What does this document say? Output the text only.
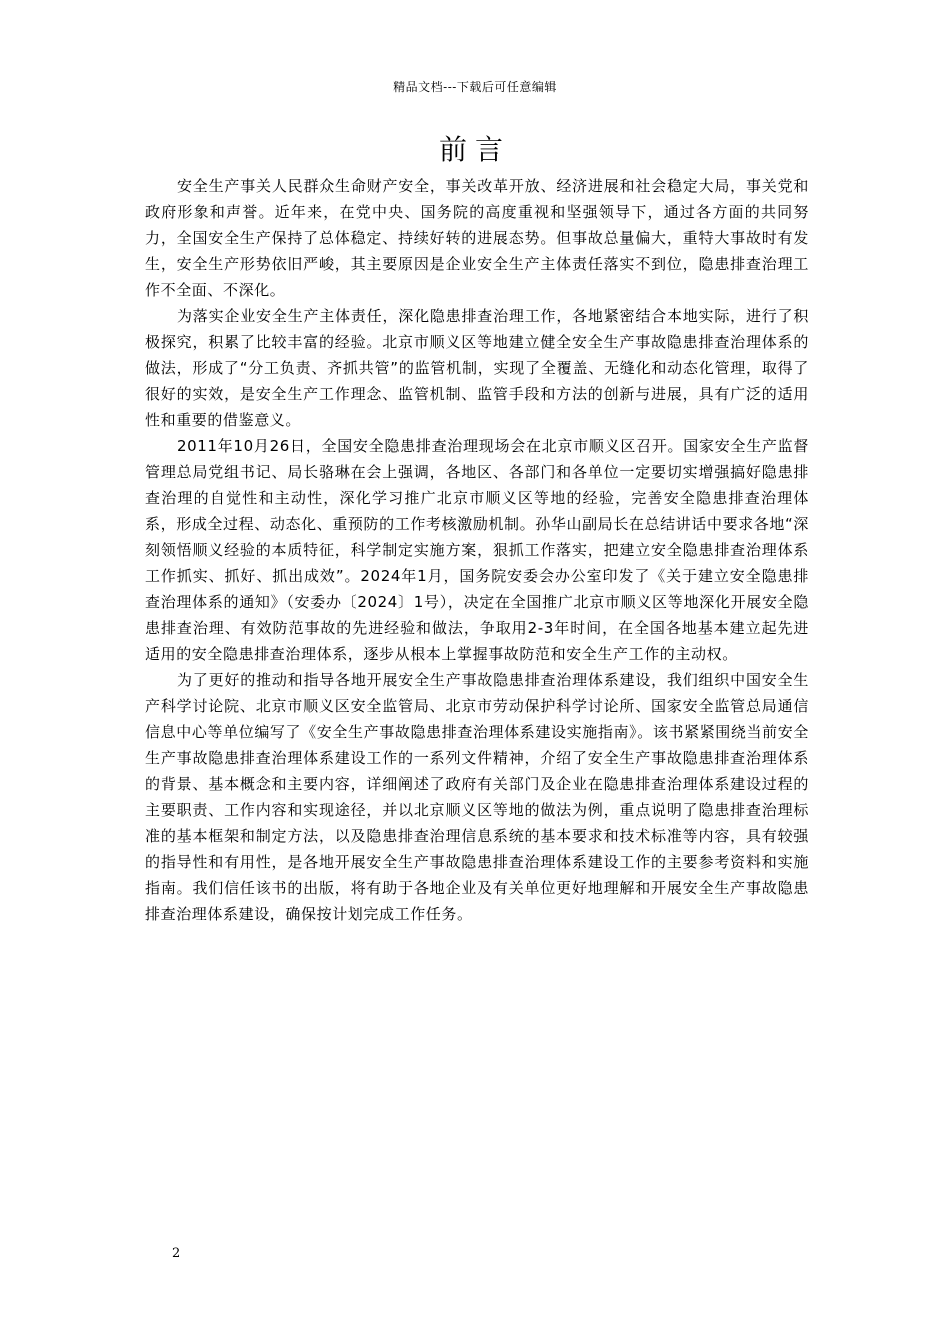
精品文档---下载后可任意编辑
前言

安全生产事关人民群众生命财产安全，事关改革开放、经济进展和社会稳定大局，事关党和政府形象和声誉。近年来，在党中央、国务院的高度重视和坚强领导下，通过各方面的共同努力，全国安全生产保持了总体稳定、持续好转的进展态势。但事故总量偏大，重特大事故时有发生，安全生产形势依旧严峻，其主要原因是企业安全生产主体责任落实不到位，隐患排查治理工作不全面、不深化。

为落实企业安全生产主体责任，深化隐患排查治理工作，各地紧密结合本地实际，进行了积极探究，积累了比较丰富的经验。北京市顺义区等地建立健全安全生产事故隐患排查治理体系的做法，形成了“分工负责、齐抓共管”的监管机制，实现了全覆盖、无缝化和动态化管理，取得了很好的实效，是安全生产工作理念、监管机制、监管手段和方法的创新与进展，具有广泛的适用性和重要的借鉴意义。

2011年10月26日，全国安全隐患排查治理现场会在北京市顺义区召开。国家安全生产监督管理总局党组书记、局长骆琳在会上强调，各地区、各部门和各单位一定要切实增强搞好隐患排查治理的自觉性和主动性，深化学习推广北京市顺义区等地的经验，完善安全隐患排查治理体系，形成全过程、动态化、重预防的工作考核激励机制。孙华山副局长在总结讲话中要求各地“深刻领悟顺义经验的本质特征，科学制定实施方案，狠抓工作落实，把建立安全隐患排查治理体系工作抓实、抓好、抓出成效”。2024年1月，国务院安委会办公室印发了《关于建立安全隐患排查治理体系的通知》（安委办〔2024〕1号），决定在全国推广北京市顺义区等地深化开展安全隐患排查治理、有效防范事故的先进经验和做法，争取用2-3年时间，在全国各地基本建立起先进适用的安全隐患排查治理体系，逐步从根本上掌握事故防范和安全生产工作的主动权。

为了更好的推动和指导各地开展安全生产事故隐患排查治理体系建设，我们组织中国安全生产科学讨论院、北京市顺义区安全监管局、北京市劳动保护科学讨论所、国家安全监管总局通信信息中心等单位编写了《安全生产事故隐患排查治理体系建设实施指南》。该书紧紧围绕当前安全生产事故隐患排查治理体系建设工作的一系列文件精神，介绍了安全生产事故隐患排查治理体系的背景、基本概念和主要内容，详细阐述了政府有关部门及企业在隐患排查治理体系建设过程的主要职责、工作内容和实现途径，并以北京顺义区等地的做法为例，重点说明了隐患排查治理标准的基本框架和制定方法，以及隐患排查治理信息系统的基本要求和技术标准等内容，具有较强的指导性和有用性，是各地开展安全生产事故隐患排查治理体系建设工作的主要参考资料和实施指南。我们信任该书的出版，将有助于各地企业及有关单位更好地理解和开展安全生产事故隐患排查治理体系建设，确保按计划完成工作任务。

2
